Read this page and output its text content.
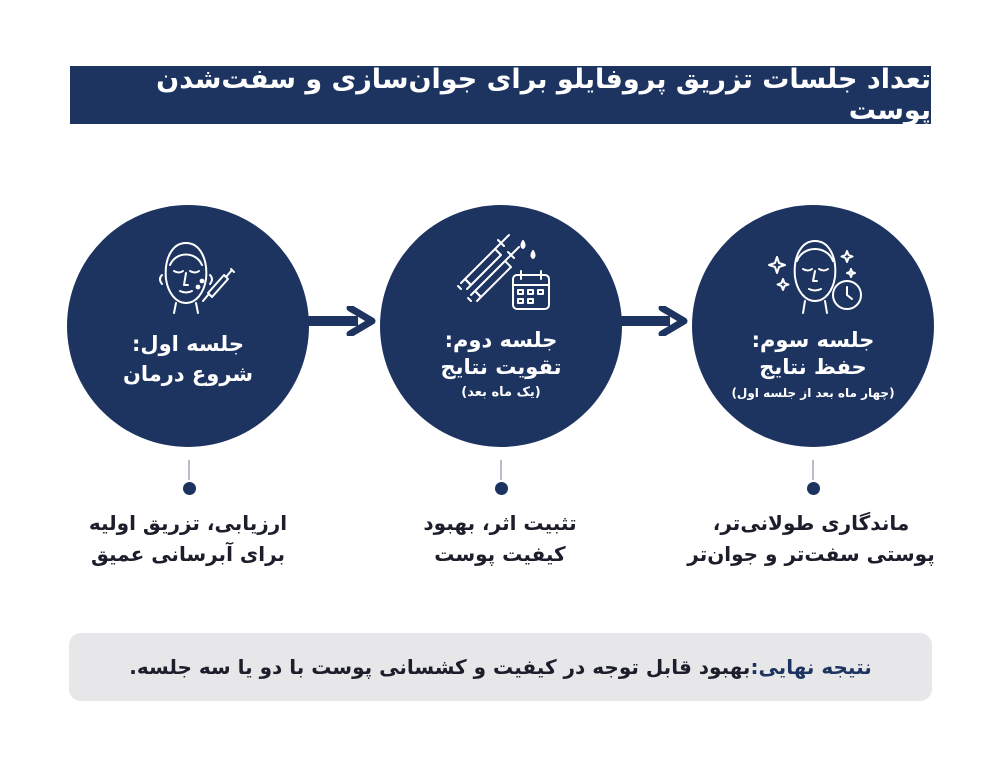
تعداد جلسات تزریق پروفایلو برای جوان‌سازی و سفت‌شدن پوست
جلسه اول:
شروع درمان
جلسه دوم:
تقویت نتایج
(یک ماه بعد)
جلسه سوم:
حفظ نتایج
(چهار ماه بعد از جلسه اول)
ارزیابی، تزریق اولیه
برای آبرسانی عمیق
تثبیت اثر، بهبود
کیفیت پوست
ماندگاری طولانی‌تر،
پوستی سفت‌تر و جوان‌تر
نتیجه نهایی:
بهبود قابل توجه در کیفیت و کشسانی پوست با دو یا سه جلسه.
